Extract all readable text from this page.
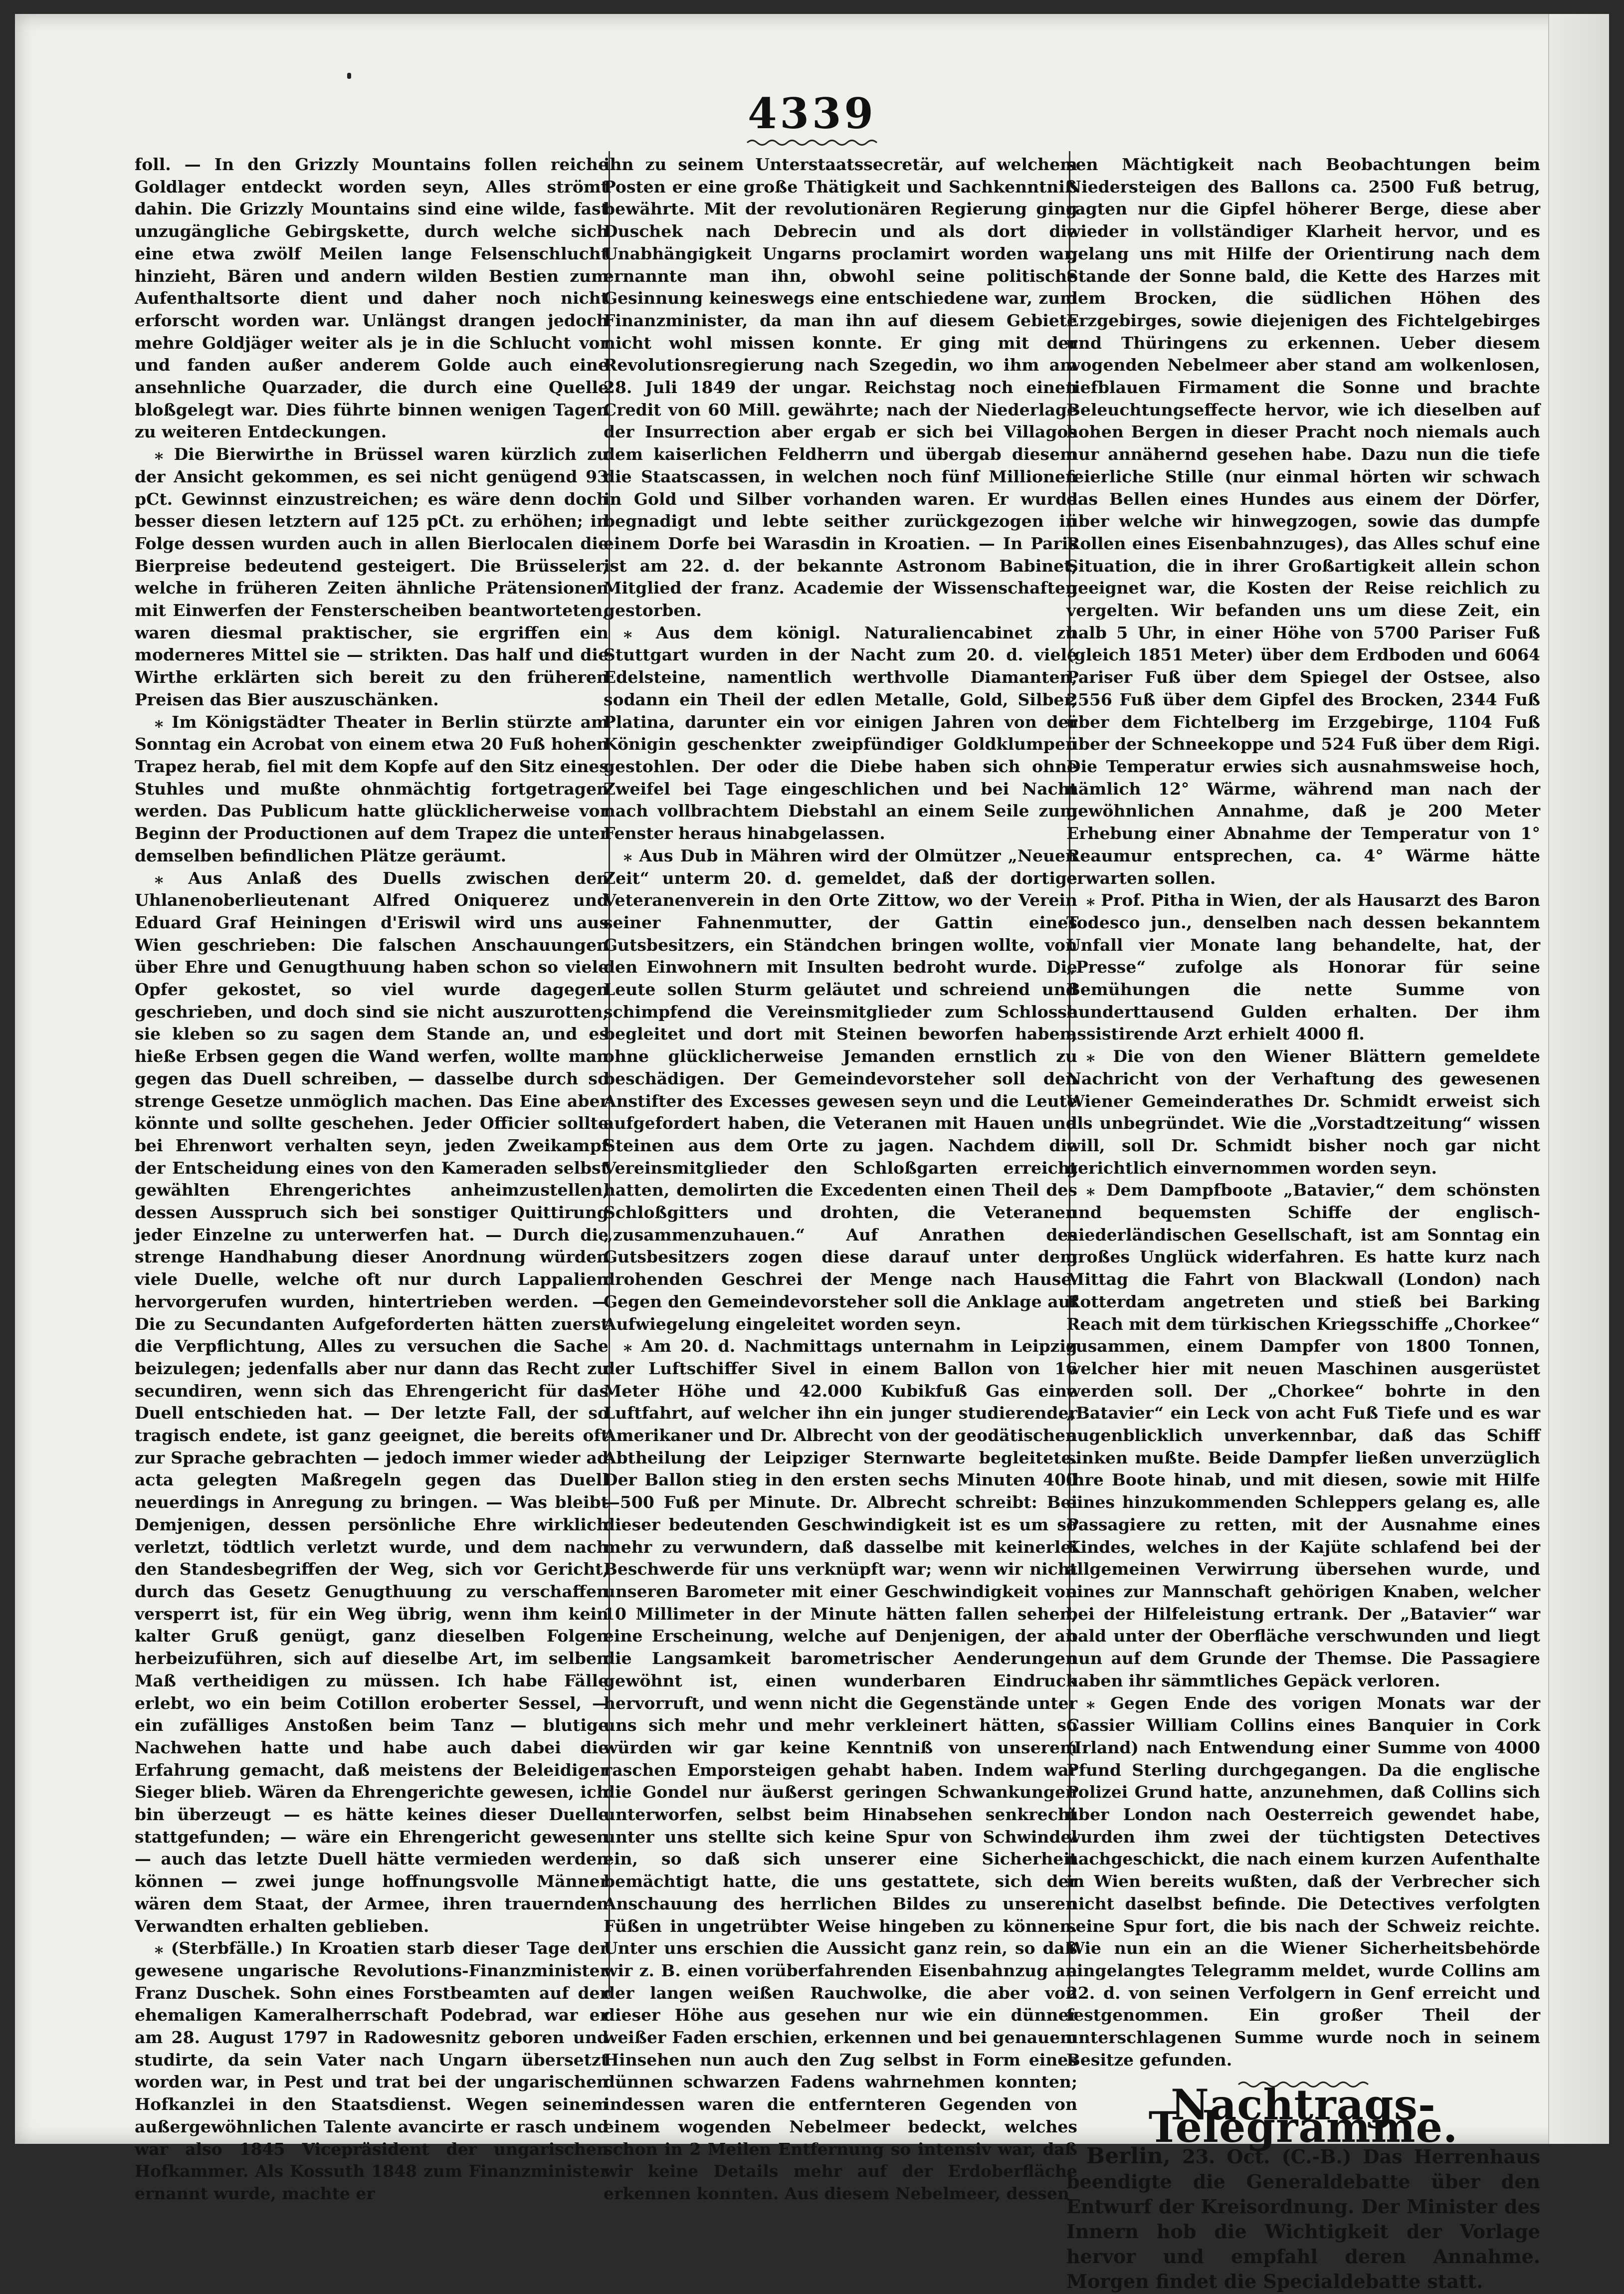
4339

foll. — In den Grizzly Mountains follen reiche Goldlager entdeckt worden seyn, Alles strömt dahin. Die Grizzly Mountains sind eine wilde, fast unzugängliche Gebirgskette, durch welche sich eine etwa zwölf Meilen lange Felsenschlucht hinzieht, Bären und andern wilden Bestien zum Aufenthaltsorte dient und daher noch nicht erforscht worden war. Unlängst drangen jedoch mehre Goldjäger weiter als je in die Schlucht vor und fanden außer anderem Golde auch eine ansehnliche Quarzader, die durch eine Quelle bloßgelegt war. Dies führte binnen wenigen Tagen zu weiteren Entdeckungen.

⁎ Die Bierwirthe in Brüssel waren kürzlich zu der Ansicht gekommen, es sei nicht genügend 93 pCt. Gewinnst einzustreichen; es wäre denn doch besser diesen letztern auf 125 pCt. zu erhöhen; in Folge dessen wurden auch in allen Bierlocalen die Bierpreise bedeutend gesteigert. Die Brüsseler, welche in früheren Zeiten ähnliche Prätensionen mit Einwerfen der Fensterscheiben beantworteten, waren diesmal praktischer, sie ergriffen ein moderneres Mittel sie — strikten. Das half und die Wirthe erklärten sich bereit zu den früheren Preisen das Bier auszuschänken.

⁎ Im Königstädter Theater in Berlin stürzte am Sonntag ein Acrobat von einem etwa 20 Fuß hohen Trapez herab, fiel mit dem Kopfe auf den Sitz eines Stuhles und mußte ohnmächtig fortgetragen werden. Das Publicum hatte glücklicherweise vor Beginn der Productionen auf dem Trapez die unter demselben befindlichen Plätze geräumt.

⁎ Aus Anlaß des Duells zwischen den Uhlanenoberlieutenant Alfred Oniquerez und Eduard Graf Heiningen d'Eriswil wird uns aus Wien geschrieben: Die falschen Anschauungen über Ehre und Genugthuung haben schon so viele Opfer gekostet, so viel wurde dagegen geschrieben, und doch sind sie nicht auszurotten, sie kleben so zu sagen dem Stande an, und es hieße Erbsen gegen die Wand werfen, wollte man gegen das Duell schreiben, — dasselbe durch so strenge Gesetze unmöglich machen. Das Eine aber könnte und sollte geschehen. Jeder Officier sollte bei Ehrenwort verhalten seyn, jeden Zweikampf der Entscheidung eines von den Kameraden selbst gewählten Ehrengerichtes anheimzustellen, dessen Ausspruch sich bei sonstiger Quittirung jeder Einzelne zu unterwerfen hat. — Durch die strenge Handhabung dieser Anordnung würden viele Duelle, welche oft nur durch Lappalien hervorgerufen wurden, hintertrieben werden. — Die zu Secundanten Aufgeforderten hätten zuerst die Verpflichtung, Alles zu versuchen die Sache beizulegen; jedenfalls aber nur dann das Recht zu secundiren, wenn sich das Ehrengericht für das Duell entschieden hat. — Der letzte Fall, der so tragisch endete, ist ganz geeignet, die bereits oft zur Sprache gebrachten — jedoch immer wieder ad acta gelegten Maßregeln gegen das Duell neuerdings in Anregung zu bringen. — Was bleibt Demjenigen, dessen persönliche Ehre wirklich verletzt, tödtlich verletzt wurde, und dem nach den Standesbegriffen der Weg, sich vor Gericht, durch das Gesetz Genugthuung zu verschaffen versperrt ist, für ein Weg übrig, wenn ihm kein kalter Gruß genügt, ganz dieselben Folgen herbeizuführen, sich auf dieselbe Art, im selben Maß vertheidigen zu müssen. Ich habe Fälle erlebt, wo ein beim Cotillon eroberter Sessel, — ein zufälliges Anstoßen beim Tanz — blutige Nachwehen hatte und habe auch dabei die Erfahrung gemacht, daß meistens der Beleidiger Sieger blieb. Wären da Ehrengerichte gewesen, ich bin überzeugt — es hätte keines dieser Duelle stattgefunden; — wäre ein Ehrengericht gewesen — auch das letzte Duell hätte vermieden werden können — zwei junge hoffnungsvolle Männer wären dem Staat, der Armee, ihren trauernden Verwandten erhalten geblieben.

⁎ (Sterbfälle.) In Kroatien starb dieser Tage der gewesene ungarische Revolutions-Finanzminister Franz Duschek. Sohn eines Forstbeamten auf der ehemaligen Kameralherrschaft Podebrad, war er am 28. August 1797 in Radowesnitz geboren und studirte, da sein Vater nach Ungarn übersetzt worden war, in Pest und trat bei der ungarischen Hofkanzlei in den Staatsdienst. Wegen seinem außergewöhnlichen Talente avancirte er rasch und war also 1845 Vicepräsident der ungarischen Hofkammer. Als Kossuth 1848 zum Finanzminister ernannt wurde, machte er

ihn zu seinem Unterstaatssecretär, auf welchem Posten er eine große Thätigkeit und Sachkenntniß bewährte. Mit der revolutionären Regierung ging Duschek nach Debrecin und als dort die Unabhängigkeit Ungarns proclamirt worden war, ernannte man ihn, obwohl seine politische Gesinnung keineswegs eine entschiedene war, zum Finanzminister, da man ihn auf diesem Gebiete nicht wohl missen konnte. Er ging mit der Revolutionsregierung nach Szegedin, wo ihm am 28. Juli 1849 der ungar. Reichstag noch einen Credit von 60 Mill. gewährte; nach der Niederlage der Insurrection aber ergab er sich bei Villagos dem kaiserlichen Feldherrn und übergab diesem die Staatscassen, in welchen noch fünf Millionen in Gold und Silber vorhanden waren. Er wurde begnadigt und lebte seither zurückgezogen in einem Dorfe bei Warasdin in Kroatien. — In Paris ist am 22. d. der bekannte Astronom Babinet, Mitglied der franz. Academie der Wissenschaften gestorben.

⁎ Aus dem königl. Naturaliencabinet zu Stuttgart wurden in der Nacht zum 20. d. viele Edelsteine, namentlich werthvolle Diamanten, sodann ein Theil der edlen Metalle, Gold, Silber, Platina, darunter ein vor einigen Jahren von der Königin geschenkter zweipfündiger Goldklumpen gestohlen. Der oder die Diebe haben sich ohne Zweifel bei Tage eingeschlichen und bei Nacht nach vollbrachtem Diebstahl an einem Seile zum Fenster heraus hinabgelassen.

⁎ Aus Dub in Mähren wird der Olmützer „Neuen Zeit“ unterm 20. d. gemeldet, daß der dortige Veteranenverein in den Orte Zittow, wo der Verein seiner Fahnenmutter, der Gattin eines Gutsbesitzers, ein Ständchen bringen wollte, von den Einwohnern mit Insulten bedroht wurde. Die Leute sollen Sturm geläutet und schreiend und schimpfend die Vereinsmitglieder zum Schlosse begleitet und dort mit Steinen beworfen haben, ohne glücklicherweise Jemanden ernstlich zu beschädigen. Der Gemeindevorsteher soll den Anstifter des Excesses gewesen seyn und die Leute aufgefordert haben, die Veteranen mit Hauen und Steinen aus dem Orte zu jagen. Nachdem die Vereinsmitglieder den Schloßgarten erreicht hatten, demolirten die Excedenten einen Theil des Schloßgitters und drohten, die Veteranen „zusammenzuhauen.“ Auf Anrathen des Gutsbesitzers zogen diese darauf unter dem drohenden Geschrei der Menge nach Hause. Gegen den Gemeindevorsteher soll die Anklage auf Aufwiegelung eingeleitet worden seyn.

⁎ Am 20. d. Nachmittags unternahm in Leipzig der Luftschiffer Sivel in einem Ballon von 16 Meter Höhe und 42.000 Kubikfuß Gas eine Luftfahrt, auf welcher ihn ein junger studierender Amerikaner und Dr. Albrecht von der geodätischen Abtheilung der Leipziger Sternwarte begleitete. Der Ballon stieg in den ersten sechs Minuten 400—500 Fuß per Minute. Dr. Albrecht schreibt: Bei dieser bedeutenden Geschwindigkeit ist es um so mehr zu verwundern, daß dasselbe mit keinerlei Beschwerde für uns verknüpft war; wenn wir nicht unseren Barometer mit einer Geschwindigkeit von 10 Millimeter in der Minute hätten fallen sehen, eine Erscheinung, welche auf Denjenigen, der an die Langsamkeit barometrischer Aenderungen gewöhnt ist, einen wunderbaren Eindruck hervorruft, und wenn nicht die Gegenstände unter uns sich mehr und mehr verkleinert hätten, so würden wir gar keine Kenntniß von unserem raschen Emporsteigen gehabt haben. Indem war die Gondel nur äußerst geringen Schwankungen unterworfen, selbst beim Hinabsehen senkrecht unter uns stellte sich keine Spur von Schwindel ein, so daß sich unserer eine Sicherheit bemächtigt hatte, die uns gestattete, sich der Anschauung des herrlichen Bildes zu unseren Füßen in ungetrübter Weise hingeben zu können. Unter uns erschien die Aussicht ganz rein, so daß wir z. B. einen vorüberfahrenden Eisenbahnzug an der langen weißen Rauchwolke, die aber von dieser Höhe aus gesehen nur wie ein dünner weißer Faden erschien, erkennen und bei genauem Hinsehen nun auch den Zug selbst in Form eines dünnen schwarzen Fadens wahrnehmen konnten; indessen waren die entfernteren Gegenden von einem wogenden Nebelmeer bedeckt, welches schon in 2 Meilen Entfernung so intensiv war, daß wir keine Details mehr auf der Erdoberfläche erkennen konnten. Aus diesem Nebelmeer, dessen

sen Mächtigkeit nach Beobachtungen beim Niedersteigen des Ballons ca. 2500 Fuß betrug, ragten nur die Gipfel höherer Berge, diese aber wieder in vollständiger Klarheit hervor, und es gelang uns mit Hilfe der Orientirung nach dem Stande der Sonne bald, die Kette des Harzes mit dem Brocken, die südlichen Höhen des Erzgebirges, sowie diejenigen des Fichtelgebirges und Thüringens zu erkennen. Ueber diesem wogenden Nebelmeer aber stand am wolkenlosen, tiefblauen Firmament die Sonne und brachte Beleuchtungseffecte hervor, wie ich dieselben auf hohen Bergen in dieser Pracht noch niemals auch nur annähernd gesehen habe. Dazu nun die tiefe feierliche Stille (nur einmal hörten wir schwach das Bellen eines Hundes aus einem der Dörfer, über welche wir hinwegzogen, sowie das dumpfe Rollen eines Eisenbahnzuges), das Alles schuf eine Situation, die in ihrer Großartigkeit allein schon geeignet war, die Kosten der Reise reichlich zu vergelten. Wir befanden uns um diese Zeit, ein halb 5 Uhr, in einer Höhe von 5700 Pariser Fuß (gleich 1851 Meter) über dem Erdboden und 6064 Pariser Fuß über dem Spiegel der Ostsee, also 2556 Fuß über dem Gipfel des Brocken, 2344 Fuß über dem Fichtelberg im Erzgebirge, 1104 Fuß über der Schneekoppe und 524 Fuß über dem Rigi. Die Temperatur erwies sich ausnahmsweise hoch, nämlich 12° Wärme, während man nach der gewöhnlichen Annahme, daß je 200 Meter Erhebung einer Abnahme der Temperatur von 1° Reaumur entsprechen, ca. 4° Wärme hätte erwarten sollen.

⁎ Prof. Pitha in Wien, der als Hausarzt des Baron Todesco jun., denselben nach dessen bekanntem Unfall vier Monate lang behandelte, hat, der „Presse“ zufolge als Honorar für seine Bemühungen die nette Summe von hunderttausend Gulden erhalten. Der ihm assistirende Arzt erhielt 4000 fl.

⁎ Die von den Wiener Blättern gemeldete Nachricht von der Verhaftung des gewesenen Wiener Gemeinderathes Dr. Schmidt erweist sich als unbegründet. Wie die „Vorstadtzeitung“ wissen will, soll Dr. Schmidt bisher noch gar nicht gerichtlich einvernommen worden seyn.

⁎ Dem Dampfboote „Batavier,“ dem schönsten und bequemsten Schiffe der englisch-niederländischen Gesellschaft, ist am Sonntag ein großes Unglück widerfahren. Es hatte kurz nach Mittag die Fahrt von Blackwall (London) nach Rotterdam angetreten und stieß bei Barking Reach mit dem türkischen Kriegsschiffe „Chorkee“ zusammen, einem Dampfer von 1800 Tonnen, welcher hier mit neuen Maschinen ausgerüstet werden soll. Der „Chorkee“ bohrte in den „Batavier“ ein Leck von acht Fuß Tiefe und es war augenblicklich unverkennbar, daß das Schiff sinken mußte. Beide Dampfer ließen unverzüglich ihre Boote hinab, und mit diesen, sowie mit Hilfe eines hinzukommenden Schleppers gelang es, alle Passagiere zu retten, mit der Ausnahme eines Kindes, welches in der Kajüte schlafend bei der allgemeinen Verwirrung übersehen wurde, und eines zur Mannschaft gehörigen Knaben, welcher bei der Hilfeleistung ertrank. Der „Batavier“ war bald unter der Oberfläche verschwunden und liegt nun auf dem Grunde der Themse. Die Passagiere haben ihr sämmtliches Gepäck verloren.

⁎ Gegen Ende des vorigen Monats war der Cassier William Collins eines Banquier in Cork (Irland) nach Entwendung einer Summe von 4000 Pfund Sterling durchgegangen. Da die englische Polizei Grund hatte, anzunehmen, daß Collins sich über London nach Oesterreich gewendet habe, wurden ihm zwei der tüchtigsten Detectives nachgeschickt, die nach einem kurzen Aufenthalte in Wien bereits wußten, daß der Verbrecher sich nicht daselbst befinde. Die Detectives verfolgten seine Spur fort, die bis nach der Schweiz reichte. Wie nun ein an die Wiener Sicherheitsbehörde eingelangtes Telegramm meldet, wurde Collins am 22. d. von seinen Verfolgern in Genf erreicht und festgenommen. Ein großer Theil der unterschlagenen Summe wurde noch in seinem Besitze gefunden.

Nachtrags-Telegramme.

Berlin, 23. Oct. (C.-B.) Das Herrenhaus beendigte die Generaldebatte über den Entwurf der Kreisordnung. Der Minister des Innern hob die Wichtigkeit der Vorlage hervor und empfahl deren Annahme. Morgen findet die Specialdebatte statt.
